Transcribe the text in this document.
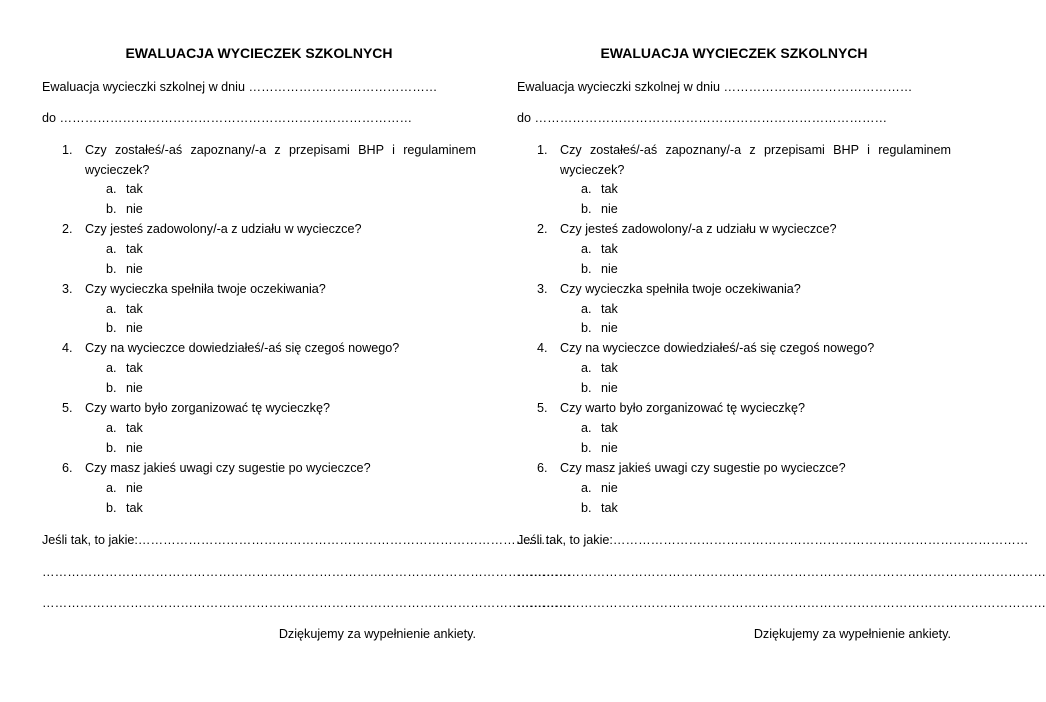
EWALUACJA WYCIECZEK SZKOLNYCH
Ewaluacja wycieczki szkolnej w dniu ………………………………………
do …………………………………………………………………………
1. Czy zostałeś/-aś zapoznany/-a z przepisami BHP i regulaminem wycieczek?
a. tak
b. nie
2. Czy jesteś zadowolony/-a z udziału w wycieczce?
a. tak
b. nie
3. Czy wycieczka spełniła twoje oczekiwania?
a. tak
b. nie
4. Czy na wycieczce dowiedziałeś/-aś się czegoś nowego?
a. tak
b. nie
5. Czy warto było zorganizować tę wycieczkę?
a. tak
b. nie
6. Czy masz jakieś uwagi czy sugestie po wycieczce?
a. nie
b. tak
Jeśli tak, to jakie:………………………………………………………………………………………
………………………………………………………………………………………………………………
………………………………………………………………………………………………………………
Dziękujemy za wypełnienie ankiety.
EWALUACJA WYCIECZEK SZKOLNYCH
Ewaluacja wycieczki szkolnej w dniu ………………………………………
do …………………………………………………………………………
1. Czy zostałeś/-aś zapoznany/-a z przepisami BHP i regulaminem wycieczek?
a. tak
b. nie
2. Czy jesteś zadowolony/-a z udziału w wycieczce?
a. tak
b. nie
3. Czy wycieczka spełniła twoje oczekiwania?
a. tak
b. nie
4. Czy na wycieczce dowiedziałeś/-aś się czegoś nowego?
a. tak
b. nie
5. Czy warto było zorganizować tę wycieczkę?
a. tak
b. nie
6. Czy masz jakieś uwagi czy sugestie po wycieczce?
a. nie
b. tak
Jeśli tak, to jakie:………………………………………………………………………………………
………………………………………………………………………………………………………………
………………………………………………………………………………………………………………
Dziękujemy za wypełnienie ankiety.
